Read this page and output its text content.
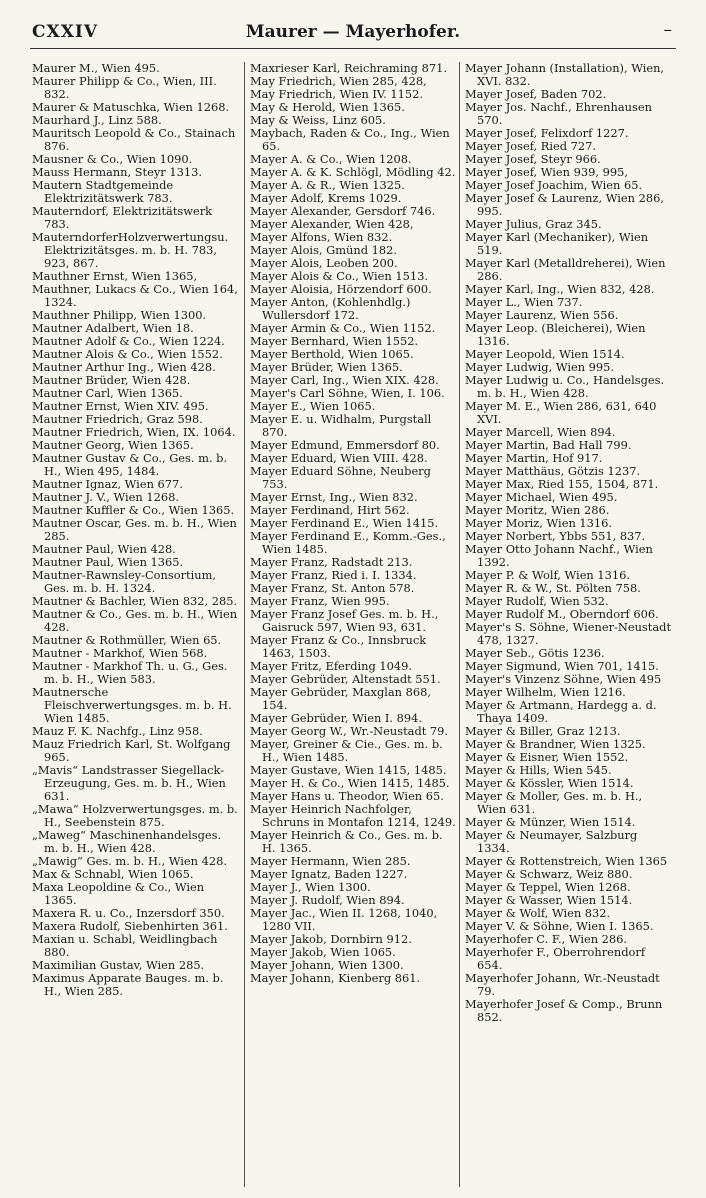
CXXIV	Maurer — Mayerhofer.	–
Maurer M., Wien 495.
Maurer Philipp & Co., Wien, III. 832.
Maurer & Matuschka, Wien 1268.
Maurhard J., Linz 588.
Mauritsch Leopold & Co., Stainach 876.
Mausner & Co., Wien 1090.
Mauss Hermann, Steyr 1313.
Mautern Stadtgemeinde Elektrizitätswerk 783.
Mauterndorf, Elektrizitätswerk 783.
MauterndorferHolzverwertungsu. Elektrizitätsges. m. b. H. 783, 923, 867.
Mauthner Ernst, Wien 1365,
Mauthner, Lukacs & Co., Wien 164, 1324.
Mauthner Philipp, Wien 1300.
Mautner Adalbert, Wien 18.
Mautner Adolf & Co., Wien 1224.
Mautner Alois & Co., Wien 1552.
Mautner Arthur Ing., Wien 428.
Mautner Brüder, Wien 428.
Mautner Carl, Wien 1365.
Mautner Ernst, Wien XIV. 495.
Mautner Friedrich, Graz 598.
Mautner Friedrich, Wien, IX. 1064.
Mautner Georg, Wien 1365.
Mautner Gustav & Co., Ges. m. b. H., Wien 495, 1484.
Mautner Ignaz, Wien 677.
Mautner J. V., Wien 1268.
Mautner Kuffler & Co., Wien 1365.
Mautner Oscar, Ges. m. b. H., Wien 285.
Mautner Paul, Wien 428.
Mautner Paul, Wien 1365.
Mautner-Rawnsley-Consortium, Ges. m. b. H. 1324.
Mautner & Bachler, Wien 832, 285.
Mautner & Co., Ges. m. b. H., Wien 428.
Mautner & Rothmüller, Wien 65.
Mautner - Markhof, Wien 568.
Mautner - Markhof Th. u. G., Ges. m. b. H., Wien 583.
Mautnersche Fleischverwertungsges. m. b. H. Wien 1485.
Mauz F. K. Nachfg., Linz 958.
Mauz Friedrich Karl, St. Wolfgang 965.
„Mavis“ Landstrasser Siegellack-Erzeugung, Ges. m. b. H., Wien 631.
„Mawa“ Holzverwertungsges. m. b. H., Seebenstein 875.
„Maweg“ Maschinenhandelsges. m. b. H., Wien 428.
„Mawig“ Ges. m. b. H., Wien 428.
Max & Schnabl, Wien 1065.
Maxa Leopoldine & Co., Wien 1365.
Maxera R. u. Co., Inzersdorf 350.
Maxera Rudolf, Siebenhirten 361.
Maxian u. Schabl, Weidlingbach 880.
Maximilian Gustav, Wien 285.
Maximus Apparate Bauges. m. b. H., Wien 285.
Maxrieser Karl, Reichraming 871.
May Friedrich, Wien 285, 428,
May Friedrich, Wien IV. 1152.
May & Herold, Wien 1365.
May & Weiss, Linz 605.
Maybach, Raden & Co., Ing., Wien 65.
Mayer A. & Co., Wien 1208.
Mayer A. & K. Schlögl, Mödling 42.
Mayer A. & R., Wien 1325.
Mayer Adolf, Krems 1029.
Mayer Alexander, Gersdorf 746.
Mayer Alexander, Wien 428,
Mayer Alfons, Wien 832.
Mayer Alois, Gmünd 182.
Mayer Alois, Leoben 200.
Mayer Alois & Co., Wien 1513.
Mayer Aloisia, Hörzendorf 600.
Mayer Anton, (Kohlenhdlg.) Wullersdorf 172.
Mayer Armin & Co., Wien 1152.
Mayer Bernhard, Wien 1552.
Mayer Berthold, Wien 1065.
Mayer Brüder, Wien 1365.
Mayer Carl, Ing., Wien XIX. 428.
Mayer's Carl Söhne, Wien, I. 106.
Mayer E., Wien 1065.
Mayer E. u. Widhalm, Purgstall 870.
Mayer Edmund, Emmersdorf 80.
Mayer Eduard, Wien VIII. 428.
Mayer Eduard Söhne, Neuberg 753.
Mayer Ernst, Ing., Wien 832.
Mayer Ferdinand, Hirt 562.
Mayer Ferdinand E., Wien 1415.
Mayer Ferdinand E., Komm.-Ges., Wien 1485.
Mayer Franz, Radstadt 213.
Mayer Franz, Ried i. I. 1334.
Mayer Franz, St. Anton 578.
Mayer Franz, Wien 995.
Mayer Franz Josef Ges. m. b. H., Gaisruck 597, Wien 93, 631.
Mayer Franz & Co., Innsbruck 1463, 1503.
Mayer Fritz, Eferding 1049.
Mayer Gebrüder, Altenstadt 551.
Mayer Gebrüder, Maxglan 868, 154.
Mayer Gebrüder, Wien I. 894.
Mayer Georg W., Wr.-Neustadt 79.
Mayer, Greiner & Cie., Ges. m. b. H., Wien 1485.
Mayer Gustave, Wien 1415, 1485.
Mayer H. & Co., Wien 1415, 1485.
Mayer Hans u. Theodor, Wien 65.
Mayer Heinrich Nachfolger, Schruns in Montafon 1214, 1249.
Mayer Heinrich & Co., Ges. m. b. H. 1365.
Mayer Hermann, Wien 285.
Mayer Ignatz, Baden 1227.
Mayer J., Wien 1300.
Mayer J. Rudolf, Wien 894.
Mayer Jac., Wien II. 1268, 1040, 1280 VII.
Mayer Jakob, Dornbirn 912.
Mayer Jakob, Wien 1065.
Mayer Johann, Wien 1300.
Mayer Johann, Kienberg 861.
Mayer Johann (Installation), Wien, XVI. 832.
Mayer Josef, Baden 702.
Mayer Jos. Nachf., Ehrenhausen 570.
Mayer Josef, Felixdorf 1227.
Mayer Josef, Ried 727.
Mayer Josef, Steyr 966.
Mayer Josef, Wien 939, 995,
Mayer Josef Joachim, Wien 65.
Mayer Josef & Laurenz, Wien 286, 995.
Mayer Julius, Graz 345.
Mayer Karl (Mechaniker), Wien 519.
Mayer Karl (Metalldreherei), Wien 286.
Mayer Karl, Ing., Wien 832, 428.
Mayer L., Wien 737.
Mayer Laurenz, Wien 556.
Mayer Leop. (Bleicherei), Wien 1316.
Mayer Leopold, Wien 1514.
Mayer Ludwig, Wien 995.
Mayer Ludwig u. Co., Handelsges. m. b. H., Wien 428.
Mayer M. E., Wien 286, 631, 640 XVI.
Mayer Marcell, Wien 894.
Mayer Martin, Bad Hall 799.
Mayer Martin, Hof 917.
Mayer Matthäus, Götzis 1237.
Mayer Max, Ried 155, 1504, 871.
Mayer Michael, Wien 495.
Mayer Moritz, Wien 286.
Mayer Moriz, Wien 1316.
Mayer Norbert, Ybbs 551, 837.
Mayer Otto Johann Nachf., Wien 1392.
Mayer P. & Wolf, Wien 1316.
Mayer R. & W., St. Pölten 758.
Mayer Rudolf, Wien 532.
Mayer Rudolf M., Oberndorf 606.
Mayer's S. Söhne, Wiener-Neustadt 478, 1327.
Mayer Seb., Götis 1236.
Mayer Sigmund, Wien 701, 1415.
Mayer's Vinzenz Söhne, Wien 495
Mayer Wilhelm, Wien 1216.
Mayer & Artmann, Hardegg a. d. Thaya 1409.
Mayer & Biller, Graz 1213.
Mayer & Brandner, Wien 1325.
Mayer & Eisner, Wien 1552.
Mayer & Hills, Wien 545.
Mayer & Kössler, Wien 1514.
Mayer & Moller, Ges. m. b. H., Wien 631.
Mayer & Münzer, Wien 1514.
Mayer & Neumayer, Salzburg 1334.
Mayer & Rottenstreich, Wien 1365
Mayer & Schwarz, Weiz 880.
Mayer & Teppel, Wien 1268.
Mayer & Wasser, Wien 1514.
Mayer & Wolf, Wien 832.
Mayer V. & Söhne, Wien I. 1365.
Mayerhofer C. F., Wien 286.
Mayerhofer F., Oberrohrendorf 654.
Mayerhofer Johann, Wr.-Neustadt 79.
Mayerhofer Josef & Comp., Brunn 852.
